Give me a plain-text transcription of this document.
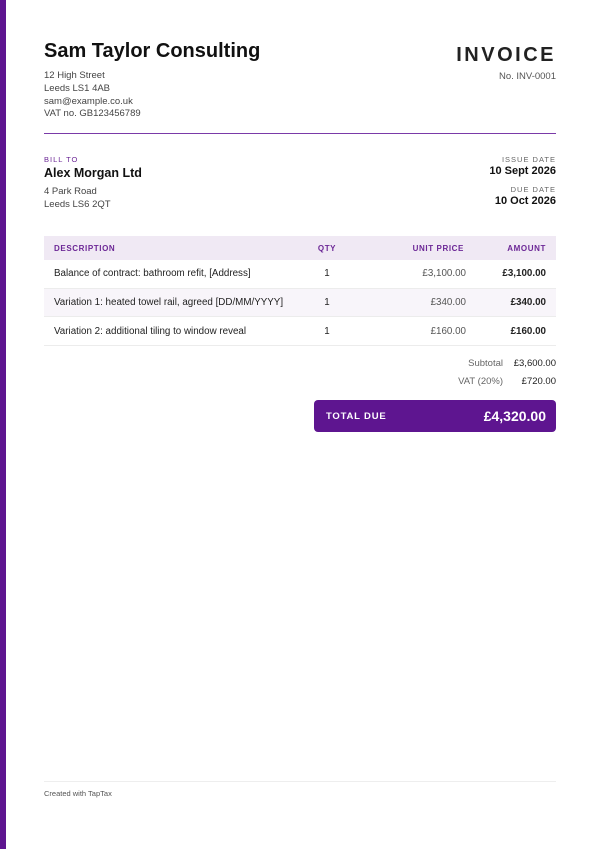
Sam Taylor Consulting
12 High Street
Leeds LS1 4AB
sam@example.co.uk
VAT no. GB123456789
INVOICE
No. INV-0001
BILL TO
Alex Morgan Ltd
4 Park Road
Leeds LS6 2QT
ISSUE DATE
10 Sept 2026
DUE DATE
10 Oct 2026
DESCRIPTION	QTY	UNIT PRICE	AMOUNT
Balance of contract: bathroom refit, [Address]	1	£3,100.00	£3,100.00
Variation 1: heated towel rail, agreed [DD/MM/YYYY]	1	£340.00	£340.00
Variation 2: additional tiling to window reveal	1	£160.00	£160.00
Subtotal £3,600.00
VAT (20%) £720.00
TOTAL DUE	£4,320.00
Created with TapTax
